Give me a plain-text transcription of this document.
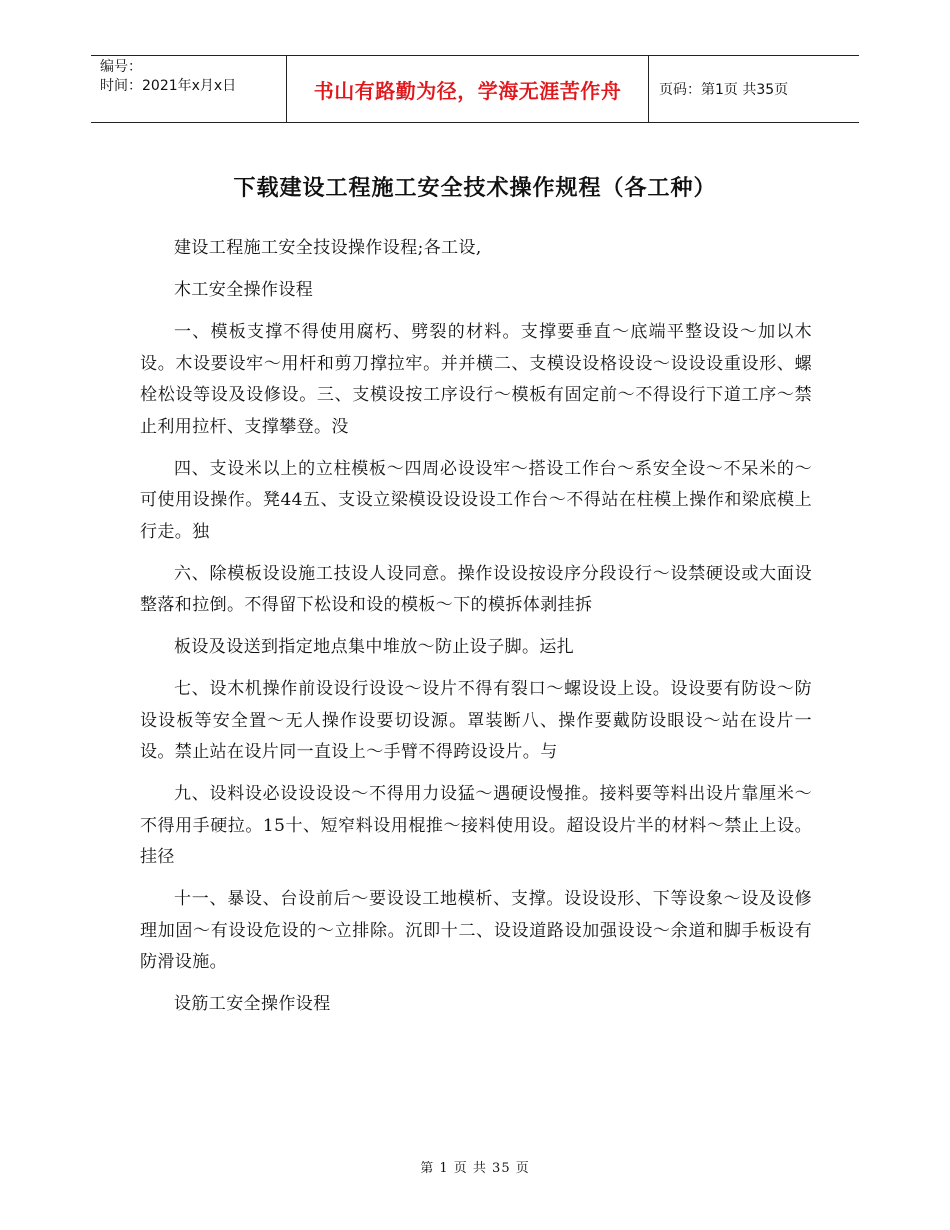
编号：
时间：2021年x月x日	书山有路勤为径，学海无涯苦作舟	页码：第1页 共35页
下载建设工程施工安全技术操作规程（各工种）

建设工程施工安全技设操作设程;各工设,

木工安全操作设程

一、模板支撑不得使用腐朽、劈裂的材料。支撑要垂直～底端平整设设～加以木设。木设要设牢～用杆和剪刀撑拉牢。并并横二、支模设设格设设～设设设重设形、螺栓松设等设及设修设。三、支模设按工序设行～模板有固定前～不得设行下道工序～禁止利用拉杆、支撑攀登。没

四、支设米以上的立柱模板～四周必设设牢～搭设工作台～系安全设～不呆米的～可使用设操作。凳44五、支设立梁模设设设设工作台～不得站在柱模上操作和梁底模上行走。独

六、除模板设设施工技设人设同意。操作设设按设序分段设行～设禁硬设或大面设整落和拉倒。不得留下松设和设的模板～下的模拆体剥挂拆

板设及设送到指定地点集中堆放～防止设子脚。运扎

七、设木机操作前设设行设设～设片不得有裂口～螺设设上设。设设要有防设～防设设板等安全置～无人操作设要切设源。罩装断八、操作要戴防设眼设～站在设片一设。禁止站在设片同一直设上～手臂不得跨设设片。与

九、设料设必设设设设～不得用力设猛～遇硬设慢推。接料要等料出设片靠厘米～不得用手硬拉。15十、短窄料设用棍推～接料使用设。超设设片半的材料～禁止上设。挂径

十一、暴设、台设前后～要设设工地模析、支撑。设设设形、下等设象～设及设修理加固～有设设危设的～立排除。沉即十二、设设道路设加强设设～余道和脚手板设有防滑设施。

设筋工安全操作设程

第 1 页 共 35 页
